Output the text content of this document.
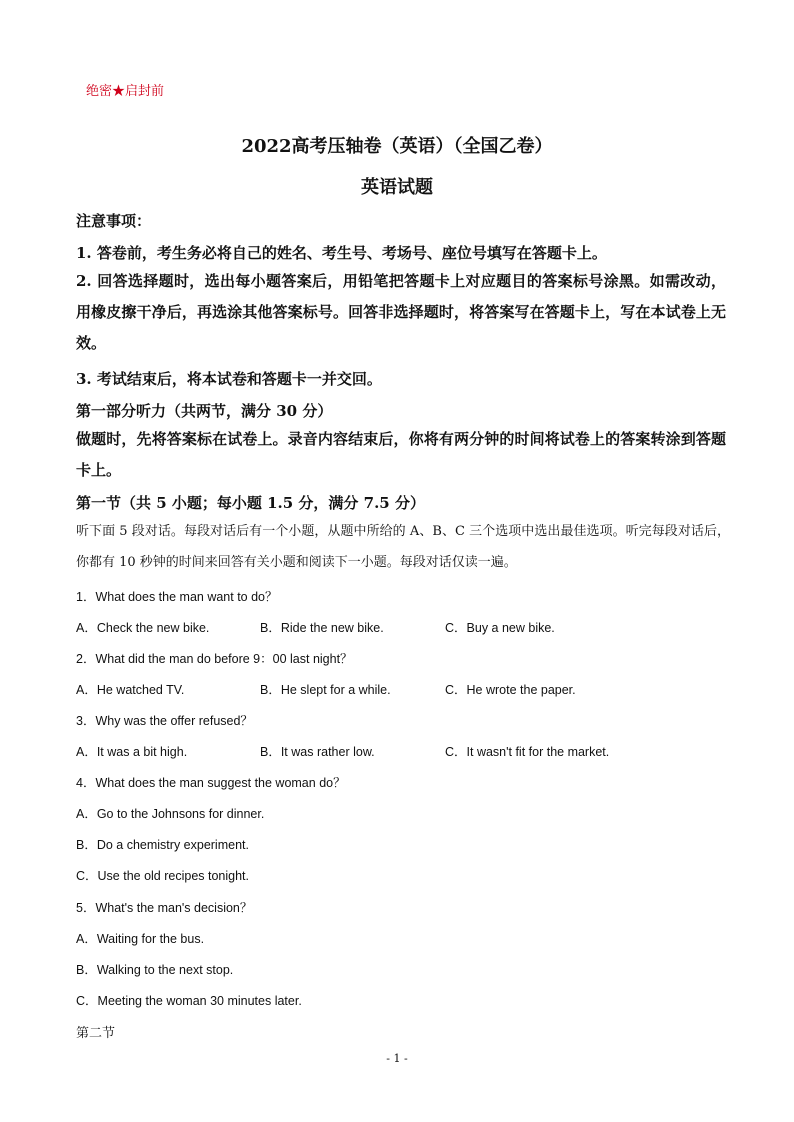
绝密★启封前
2022高考压轴卷（英语）（全国乙卷）
英语试题
注意事项：
1. 答卷前，考生务必将自己的姓名、考生号、考场号、座位号填写在答题卡上。
2. 回答选择题时，选出每小题答案后，用铅笔把答题卡上对应题目的答案标号涂黑。如需改动，用橡皮擦干净后，再选涂其他答案标号。回答非选择题时，将答案写在答题卡上，写在本试卷上无效。
3. 考试结束后，将本试卷和答题卡一并交回。
第一部分听力（共两节，满分 30 分）
做题时，先将答案标在试卷上。录音内容结束后，你将有两分钟的时间将试卷上的答案转涂到答题卡上。
第一节（共 5 小题；每小题 1.5 分，满分 7.5 分）
听下面 5 段对话。每段对话后有一个小题，从题中所给的 A、B、C 三个选项中选出最佳选项。听完每段对话后，你都有 10 秒钟的时间来回答有关小题和阅读下一小题。每段对话仅读一遍。
1．What does the man want to do？
A．Check the new bike.	B．Ride the new bike.	C．Buy a new bike.
2．What did the man do before 9：00 last night？
A．He watched TV.	B．He slept for a while.	C．He wrote the paper.
3．Why was the offer refused？
A．It was a bit high.	B．It was rather low.	C．It wasn't fit for the market.
4．What does the man suggest the woman do？
A．Go to the Johnsons for dinner.
B．Do a chemistry experiment.
C．Use the old recipes tonight.
5．What's the man's decision？
A．Waiting for the bus.
B．Walking to the next stop.
C．Meeting the woman 30 minutes later.
第二节
- 1 -
